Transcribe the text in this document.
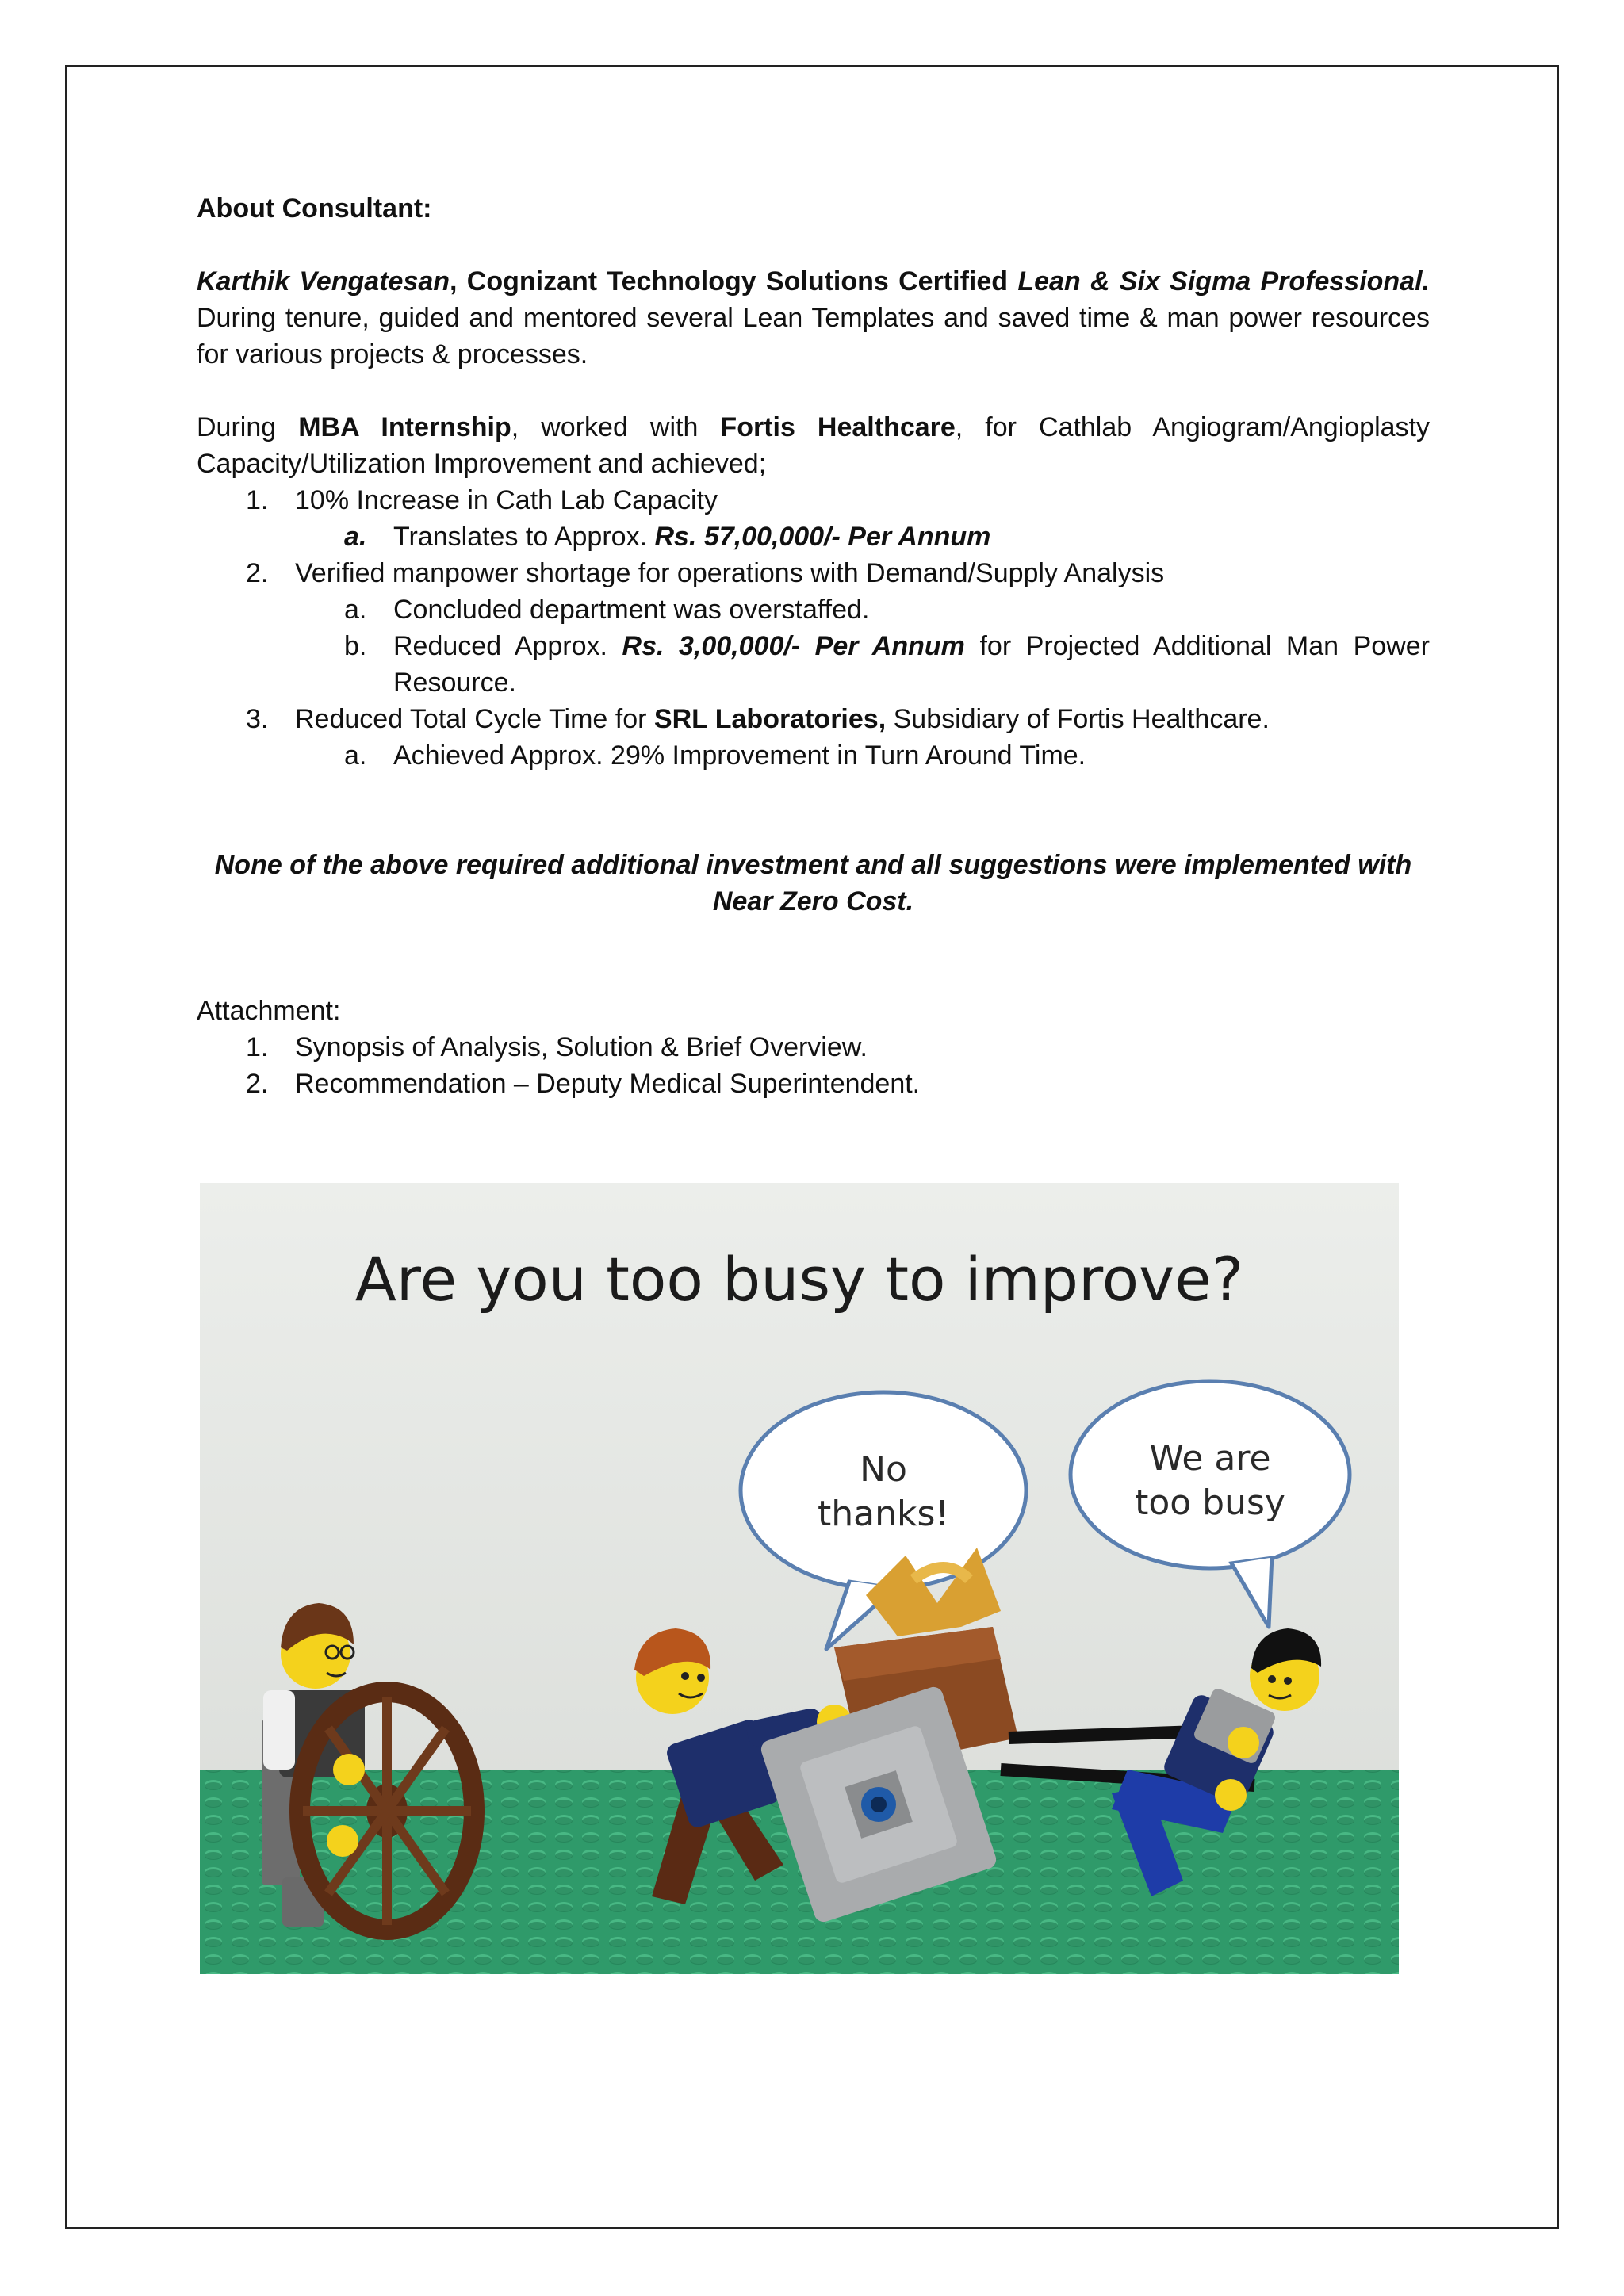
About Consultant:

Karthik Vengatesan, Cognizant Technology Solutions Certified Lean & Six Sigma Professional. During tenure, guided and mentored several Lean Templates and saved time & man power resources for various projects & processes.

During MBA Internship, worked with Fortis Healthcare, for Cathlab Angiogram/Angioplasty Capacity/Utilization Improvement and achieved;

1. 10% Increase in Cath Lab Capacity
a. Translates to Approx. Rs. 57,00,000/- Per Annum
2. Verified manpower shortage for operations with Demand/Supply Analysis
a. Concluded department was overstaffed.
b. Reduced Approx. Rs. 3,00,000/- Per Annum for Projected Additional Man Power Resource.
3. Reduced Total Cycle Time for SRL Laboratories, Subsidiary of Fortis Healthcare.
a. Achieved Approx. 29% Improvement in Turn Around Time.

None of the above required additional investment and all suggestions were implemented with Near Zero Cost.

Attachment:

1. Synopsis of Analysis, Solution & Brief Overview.
2. Recommendation – Deputy Medical Superintendent.
Are you too busy to improve?
No
thanks!
We are
too busy
